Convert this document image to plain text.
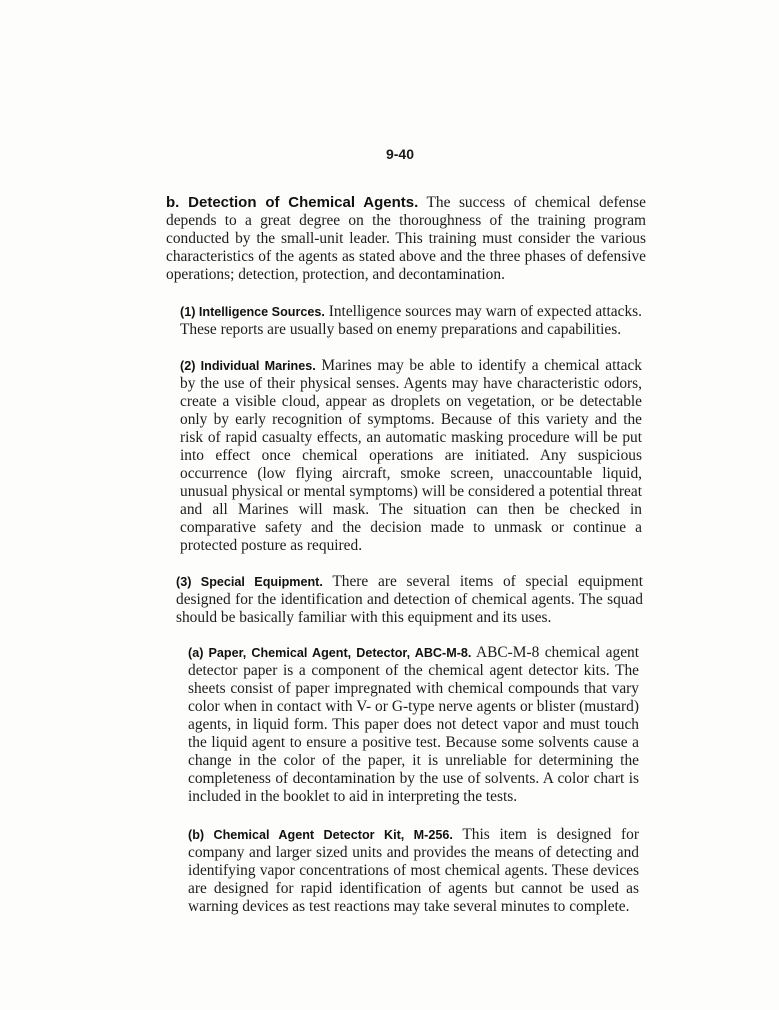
9-40

b. Detection of Chemical Agents. The success of chemical defense depends to a great degree on the thoroughness of the training program conducted by the small-unit leader. This training must consider the various characteristics of the agents as stated above and the three phases of defensive operations; detection, protection, and decontamination.

(1) Intelligence Sources. Intelligence sources may warn of expected attacks. These reports are usually based on enemy preparations and capabilities.

(2) Individual Marines. Marines may be able to identify a chemical attack by the use of their physical senses. Agents may have characteristic odors, create a visible cloud, appear as droplets on vegetation, or be detectable only by early recognition of symptoms. Because of this variety and the risk of rapid casualty effects, an automatic masking procedure will be put into effect once chemical operations are initiated. Any suspicious occurrence (low flying aircraft, smoke screen, unaccountable liquid, unusual physical or mental symptoms) will be considered a potential threat and all Marines will mask. The situation can then be checked in comparative safety and the decision made to unmask or continue a protected posture as required.

(3) Special Equipment. There are several items of special equipment designed for the identification and detection of chemical agents. The squad should be basically familiar with this equipment and its uses.

(a) Paper, Chemical Agent, Detector, ABC-M-8. ABC-M-8 chemical agent detector paper is a component of the chemical agent detector kits. The sheets consist of paper impregnated with chemical compounds that vary color when in contact with V- or G-type nerve agents or blister (mustard) agents, in liquid form. This paper does not detect vapor and must touch the liquid agent to ensure a positive test. Because some solvents cause a change in the color of the paper, it is unreliable for determining the completeness of decontamination by the use of solvents. A color chart is included in the booklet to aid in interpreting the tests.

(b) Chemical Agent Detector Kit, M-256. This item is designed for company and larger sized units and provides the means of detecting and identifying vapor concentrations of most chemical agents. These devices are designed for rapid identification of agents but cannot be used as warning devices as test reactions may take several minutes to complete.
